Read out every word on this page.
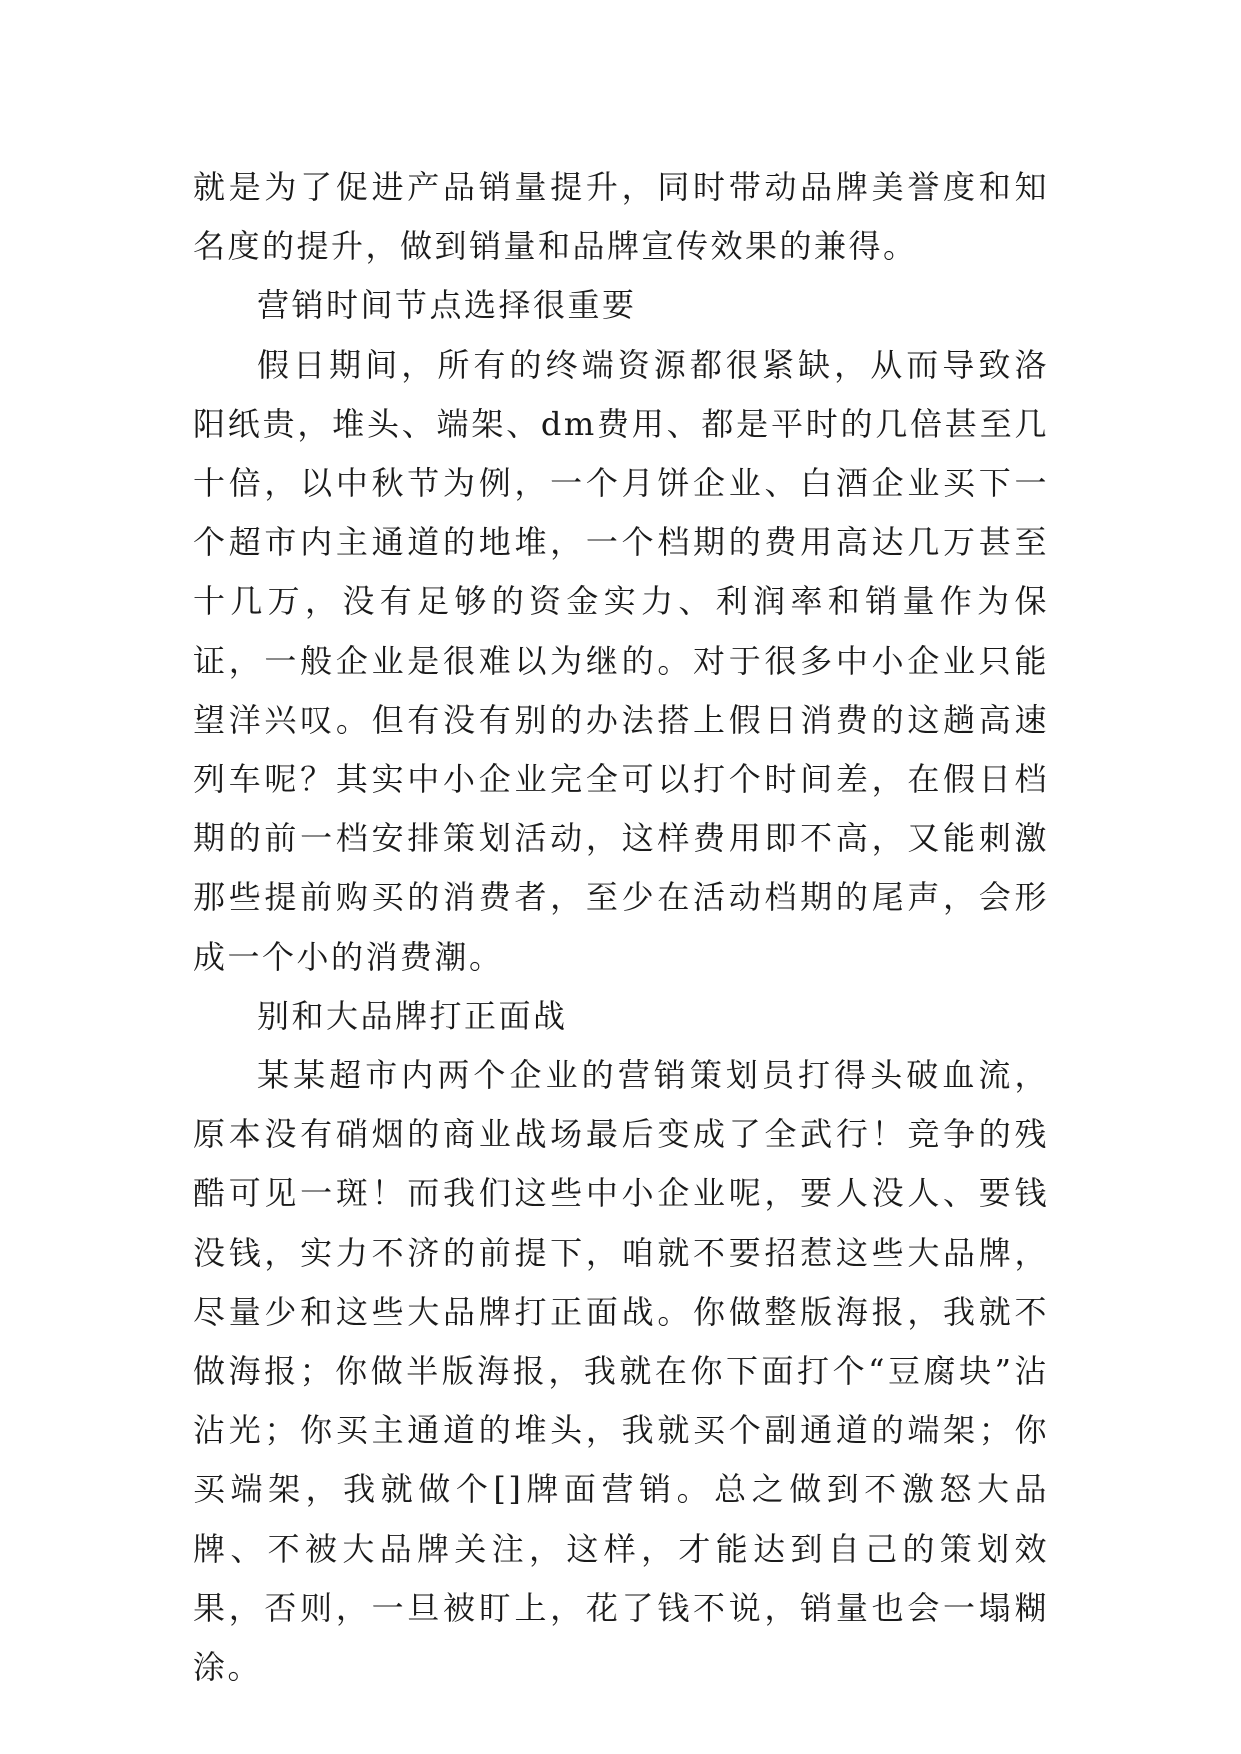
就是为了促进产品销量提升，同时带动品牌美誉度和知名度的提升，做到销量和品牌宣传效果的兼得。

营销时间节点选择很重要

假日期间，所有的终端资源都很紧缺，从而导致洛阳纸贵，堆头、端架、dm费用、都是平时的几倍甚至几十倍，以中秋节为例，一个月饼企业、白酒企业买下一个超市内主通道的地堆，一个档期的费用高达几万甚至十几万，没有足够的资金实力、利润率和销量作为保证，一般企业是很难以为继的。对于很多中小企业只能望洋兴叹。但有没有别的办法搭上假日消费的这趟高速列车呢？其实中小企业完全可以打个时间差，在假日档期的前一档安排策划活动，这样费用即不高，又能刺激那些提前购买的消费者，至少在活动档期的尾声，会形成一个小的消费潮。

别和大品牌打正面战

某某超市内两个企业的营销策划员打得头破血流，原本没有硝烟的商业战场最后变成了全武行！竞争的残酷可见一斑！而我们这些中小企业呢，要人没人、要钱没钱，实力不济的前提下，咱就不要招惹这些大品牌，尽量少和这些大品牌打正面战。你做整版海报，我就不做海报；你做半版海报，我就在你下面打个“豆腐块”沾沾光；你买主通道的堆头，我就买个副通道的端架；你买端架，我就做个[]牌面营销。总之做到不激怒大品牌、不被大品牌关注，这样，才能达到自己的策划效果，否则，一旦被盯上，花了钱不说，销量也会一塌糊涂。
